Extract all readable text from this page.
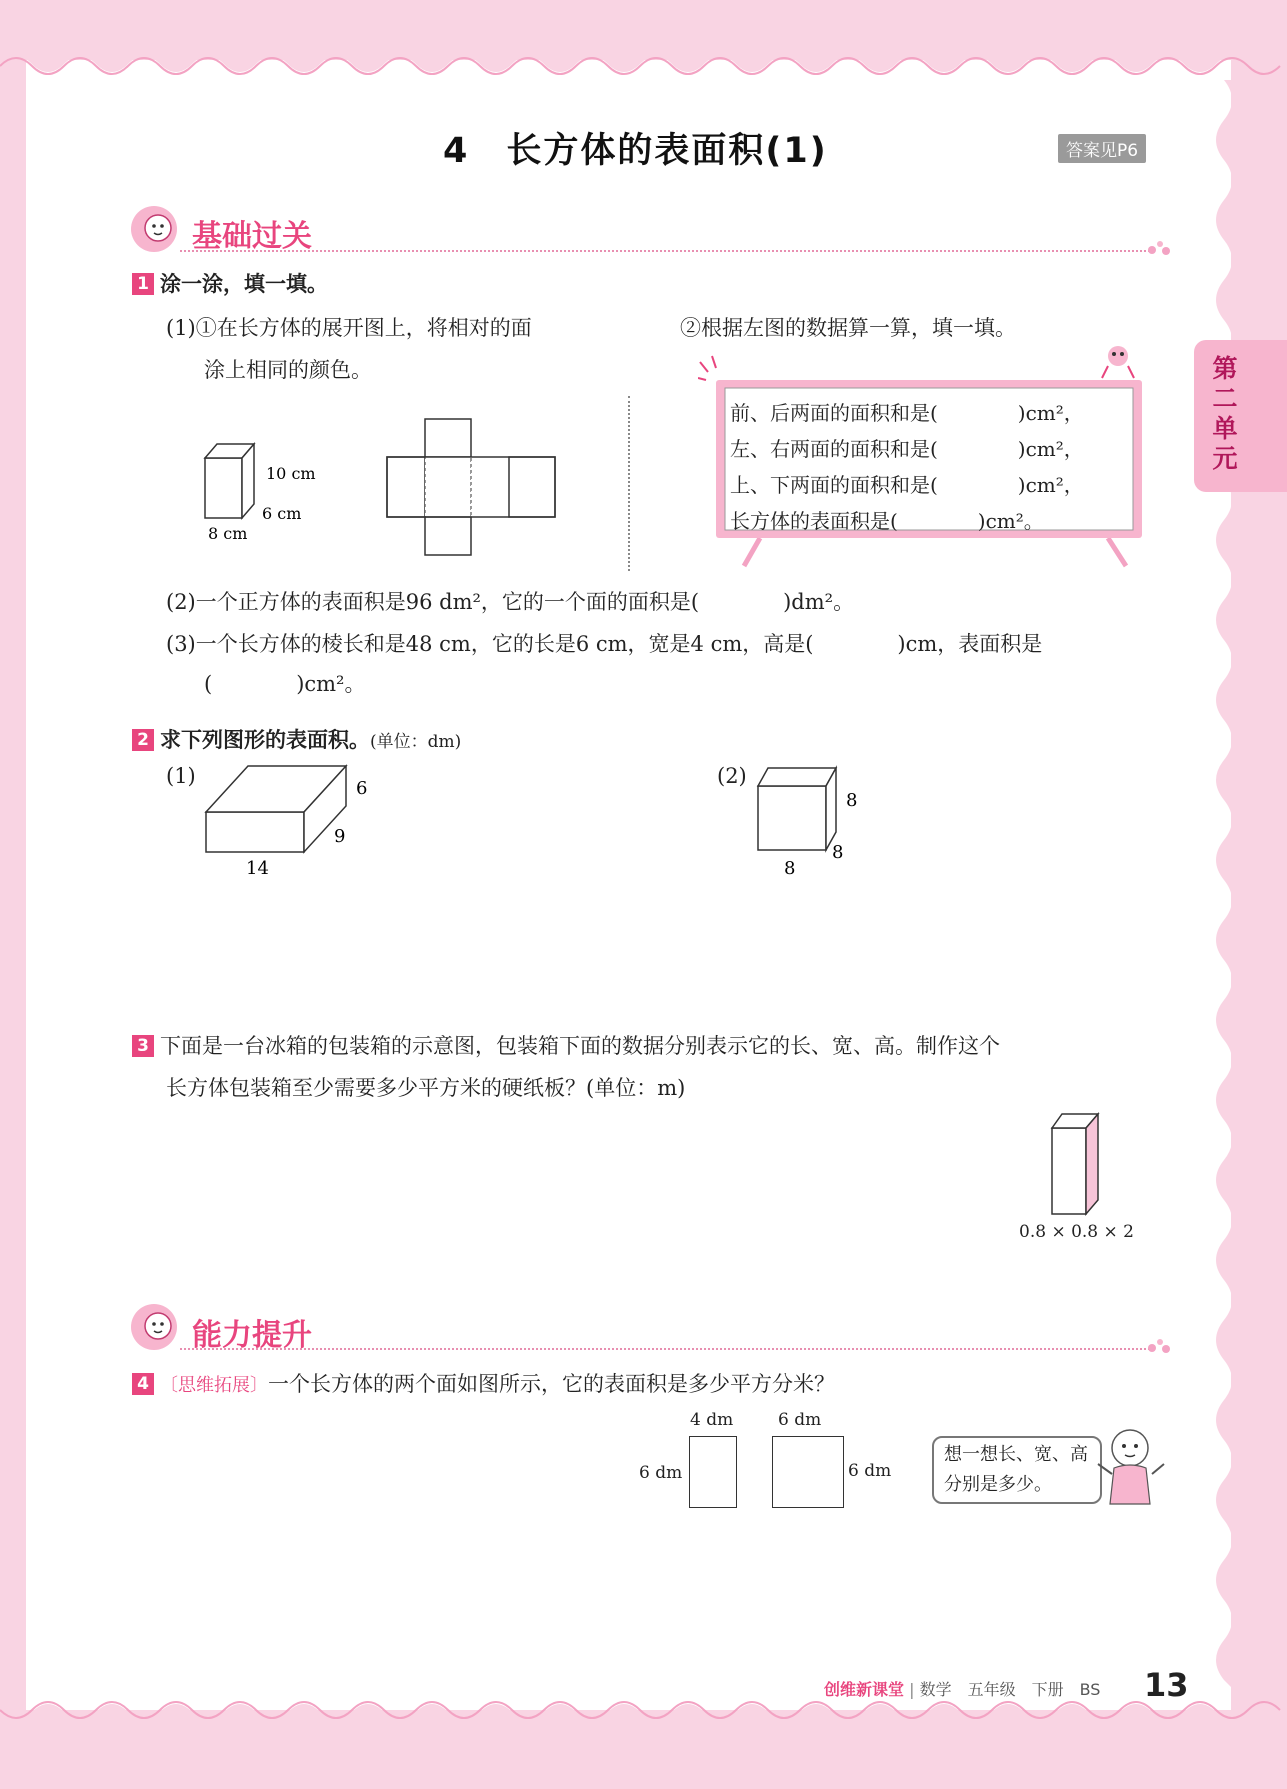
第二单元
4　长方体的表面积(1)	答案见P6
基础过关
1 涂一涂，填一填。
(1)①在长方体的展开图上，将相对的面
涂上相同的颜色。
②根据左图的数据算一算，填一填。
10 cm
6 cm
8 cm
前、后两面的面积和是(　　　　)cm²，
左、右两面的面积和是(　　　　)cm²，
上、下两面的面积和是(　　　　)cm²，
长方体的表面积是(　　　　)cm²。
(2)一个正方体的表面积是96 dm²，它的一个面的面积是(　　　　)dm²。
(3)一个长方体的棱长和是48 cm，它的长是6 cm，宽是4 cm，高是(　　　　)cm，表面积是
(　　　　)cm²。
2 求下列图形的表面积。(单位：dm)
(1)
6
9
14
(2)
8
8
8
3 下面是一台冰箱的包装箱的示意图，包装箱下面的数据分别表示它的长、宽、高。制作这个
长方体包装箱至少需要多少平方米的硬纸板？(单位：m)
0.8 × 0.8 × 2
能力提升
4 〔思维拓展〕一个长方体的两个面如图所示，它的表面积是多少平方分米？
4 dm
6 dm
6 dm
6 dm
想一想长、宽、高
分别是多少。
创维新课堂 | 数学　五年级　下册　BS 13
